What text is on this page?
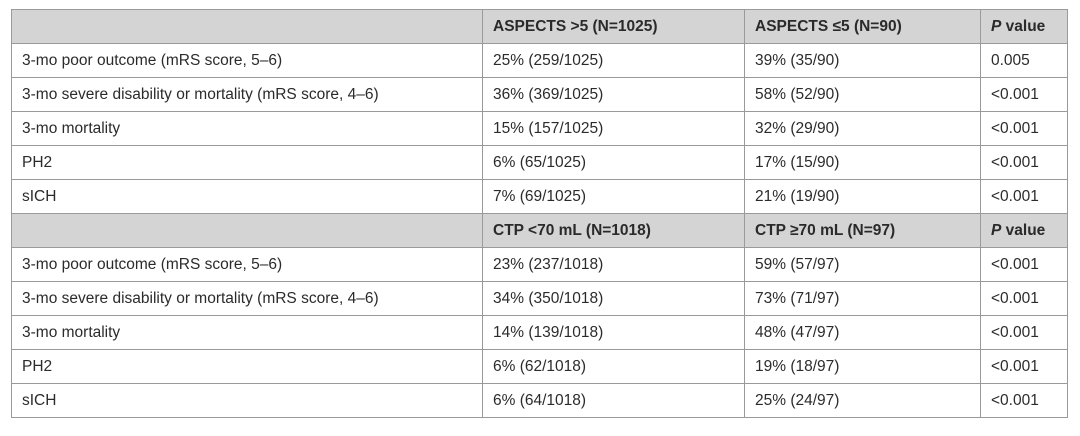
	ASPECTS >5 (N=1025)	ASPECTS ≤5 (N=90)	P value
3-mo poor outcome (mRS score, 5–6)	25% (259/1025)	39% (35/90)	0.005
3-mo severe disability or mortality (mRS score, 4–6)	36% (369/1025)	58% (52/90)	<0.001
3-mo mortality	15% (157/1025)	32% (29/90)	<0.001
PH2	6% (65/1025)	17% (15/90)	<0.001
sICH	7% (69/1025)	21% (19/90)	<0.001
	CTP <70 mL (N=1018)	CTP ≥70 mL (N=97)	P value
3-mo poor outcome (mRS score, 5–6)	23% (237/1018)	59% (57/97)	<0.001
3-mo severe disability or mortality (mRS score, 4–6)	34% (350/1018)	73% (71/97)	<0.001
3-mo mortality	14% (139/1018)	48% (47/97)	<0.001
PH2	6% (62/1018)	19% (18/97)	<0.001
sICH	6% (64/1018)	25% (24/97)	<0.001
